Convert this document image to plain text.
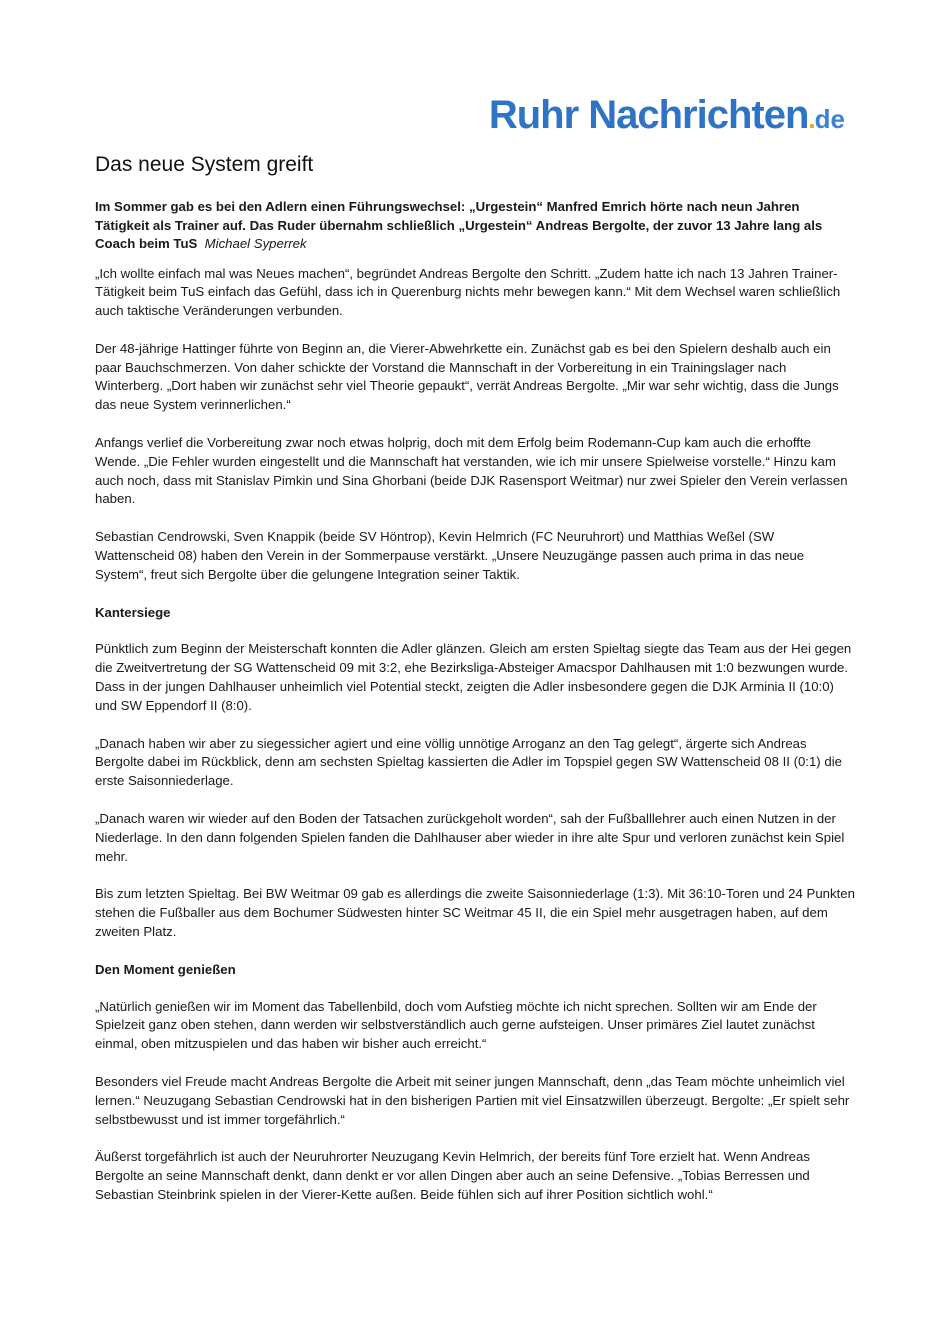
Ruhr Nachrichten.de
Das neue System greift
Im Sommer gab es bei den Adlern einen Führungswechsel: „Urgestein“ Manfred Emrich hörte nach neun Jahren Tätigkeit als Trainer auf. Das Ruder übernahm schließlich „Urgestein“ Andreas Bergolte, der zuvor 13 Jahre lang als Coach beim TuS Michael Syperrek

„Ich wollte einfach mal was Neues machen“, begründet Andreas Bergolte den Schritt. „Zudem hatte ich nach 13 Jahren Trainer-Tätigkeit beim TuS einfach das Gefühl, dass ich in Querenburg nichts mehr bewegen kann.“ Mit dem Wechsel waren schließlich auch taktische Veränderungen verbunden.

Der 48-jährige Hattinger führte von Beginn an, die Vierer-Abwehrkette ein. Zunächst gab es bei den Spielern deshalb auch ein paar Bauchschmerzen. Von daher schickte der Vorstand die Mannschaft in der Vorbereitung in ein Trainingslager nach Winterberg. „Dort haben wir zunächst sehr viel Theorie gepaukt“, verrät Andreas Bergolte. „Mir war sehr wichtig, dass die Jungs das neue System verinnerlichen.“

Anfangs verlief die Vorbereitung zwar noch etwas holprig, doch mit dem Erfolg beim Rodemann-Cup kam auch die erhoffte Wende. „Die Fehler wurden eingestellt und die Mannschaft hat verstanden, wie ich mir unsere Spielweise vorstelle.“ Hinzu kam auch noch, dass mit Stanislav Pimkin und Sina Ghorbani (beide DJK Rasensport Weitmar) nur zwei Spieler den Verein verlassen haben.

Sebastian Cendrowski, Sven Knappik (beide SV Höntrop), Kevin Helmrich (FC Neuruhrort) und Matthias Weßel (SW Wattenscheid 08) haben den Verein in der Sommerpause verstärkt. „Unsere Neuzugänge passen auch prima in das neue System“, freut sich Bergolte über die gelungene Integration seiner Taktik.

Kantersiege

Pünktlich zum Beginn der Meisterschaft konnten die Adler glänzen. Gleich am ersten Spieltag siegte das Team aus der Hei gegen die Zweitvertretung der SG Wattenscheid 09 mit 3:2, ehe Bezirksliga-Absteiger Amacspor Dahlhausen mit 1:0 bezwungen wurde. Dass in der jungen Dahlhauser unheimlich viel Potential steckt, zeigten die Adler insbesondere gegen die DJK Arminia II (10:0) und SW Eppendorf II (8:0).

„Danach haben wir aber zu siegessicher agiert und eine völlig unnötige Arroganz an den Tag gelegt“, ärgerte sich Andreas Bergolte dabei im Rückblick, denn am sechsten Spieltag kassierten die Adler im Topspiel gegen SW Wattenscheid 08 II (0:1) die erste Saisonniederlage.

„Danach waren wir wieder auf den Boden der Tatsachen zurückgeholt worden“, sah der Fußballlehrer auch einen Nutzen in der Niederlage. In den dann folgenden Spielen fanden die Dahlhauser aber wieder in ihre alte Spur und verloren zunächst kein Spiel mehr.

Bis zum letzten Spieltag. Bei BW Weitmar 09 gab es allerdings die zweite Saisonniederlage (1:3). Mit 36:10-Toren und 24 Punkten stehen die Fußballer aus dem Bochumer Südwesten hinter SC Weitmar 45 II, die ein Spiel mehr ausgetragen haben, auf dem zweiten Platz.

Den Moment genießen

„Natürlich genießen wir im Moment das Tabellenbild, doch vom Aufstieg möchte ich nicht sprechen. Sollten wir am Ende der Spielzeit ganz oben stehen, dann werden wir selbstverständlich auch gerne aufsteigen. Unser primäres Ziel lautet zunächst einmal, oben mitzuspielen und das haben wir bisher auch erreicht.“

Besonders viel Freude macht Andreas Bergolte die Arbeit mit seiner jungen Mannschaft, denn „das Team möchte unheimlich viel lernen.“ Neuzugang Sebastian Cendrowski hat in den bisherigen Partien mit viel Einsatzwillen überzeugt. Bergolte: „Er spielt sehr selbstbewusst und ist immer torgefährlich.“

Äußerst torgefährlich ist auch der Neuruhrorter Neuzugang Kevin Helmrich, der bereits fünf Tore erzielt hat. Wenn Andreas Bergolte an seine Mannschaft denkt, dann denkt er vor allen Dingen aber auch an seine Defensive. „Tobias Berressen und Sebastian Steinbrink spielen in der Vierer-Kette außen. Beide fühlen sich auf ihrer Position sichtlich wohl.“
